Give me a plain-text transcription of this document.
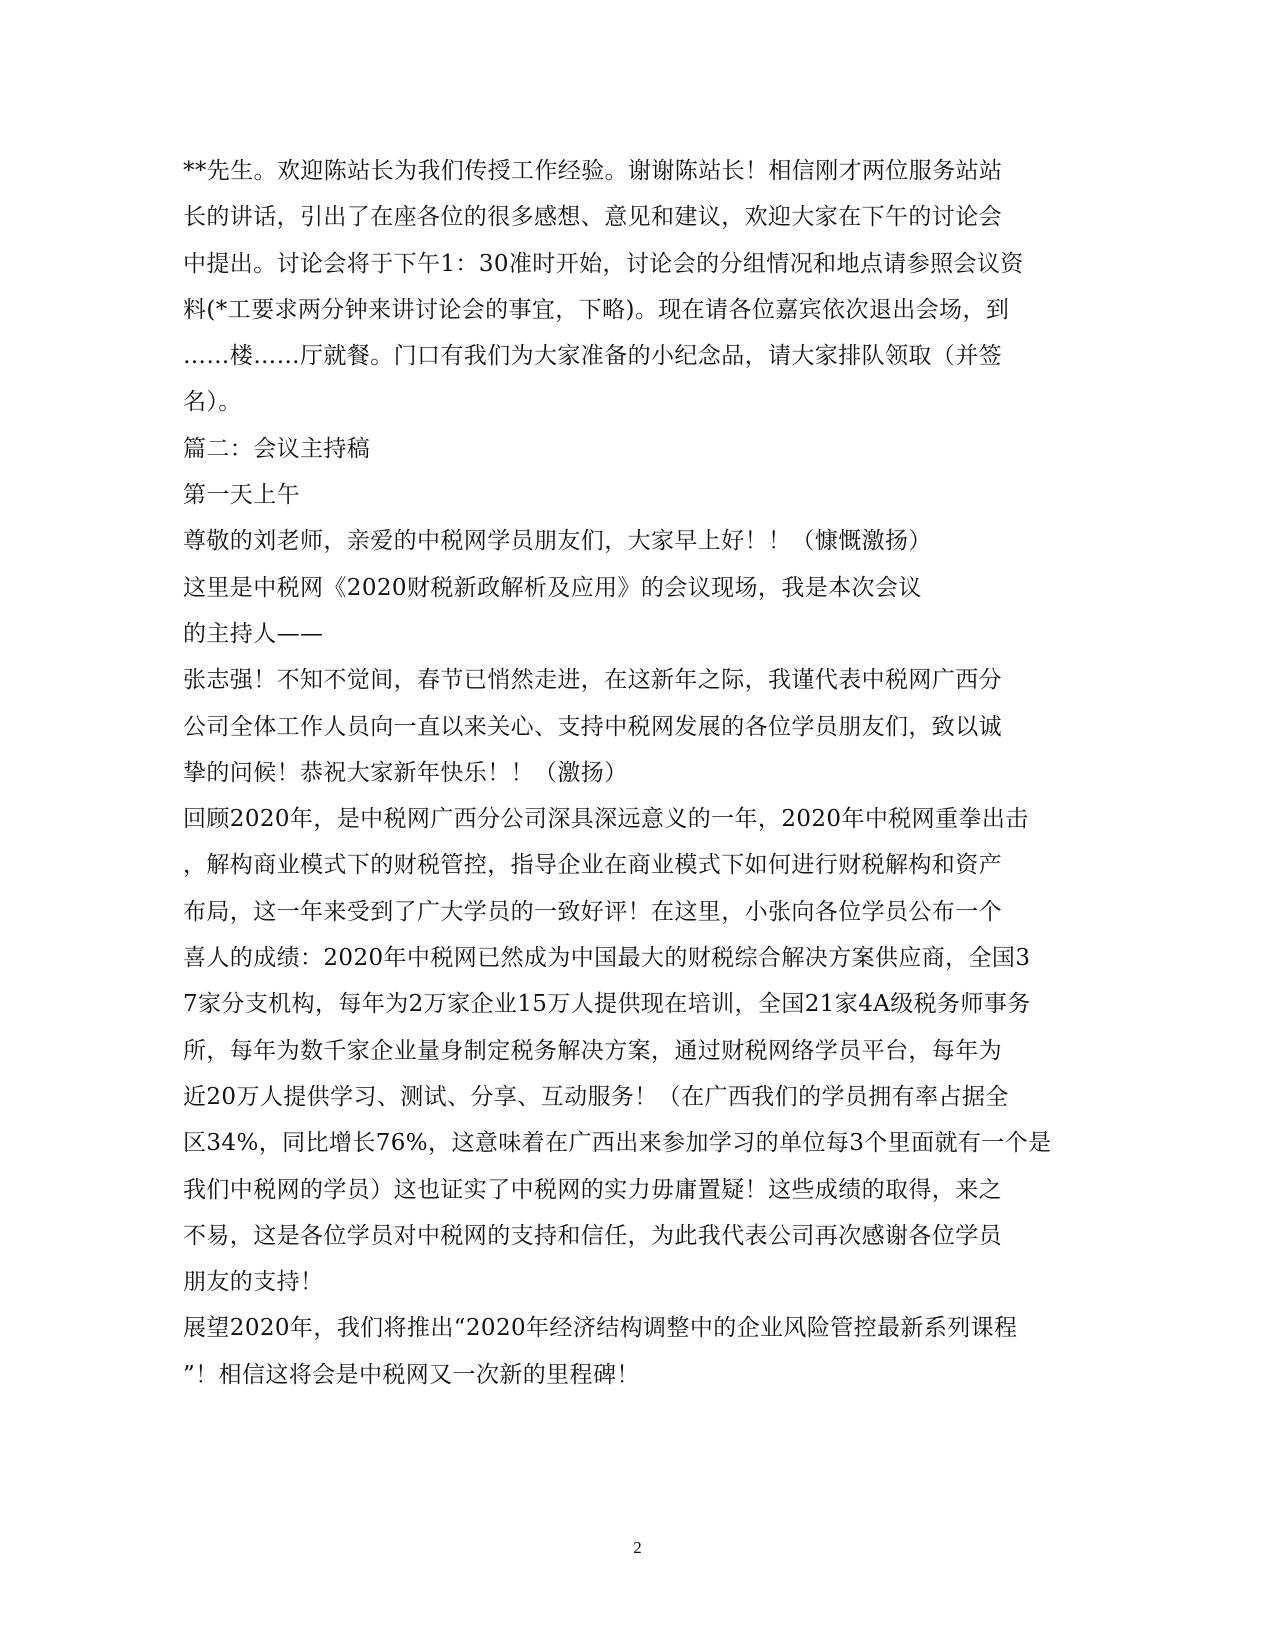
**先生。欢迎陈站长为我们传授工作经验。谢谢陈站长！相信刚才两位服务站站
长的讲话，引出了在座各位的很多感想、意见和建议，欢迎大家在下午的讨论会
中提出。讨论会将于下午1：30准时开始，讨论会的分组情况和地点请参照会议资
料(*工要求两分钟来讲讨论会的事宜，下略)。现在请各位嘉宾依次退出会场，到
……楼……厅就餐。门口有我们为大家准备的小纪念品，请大家排队领取（并签
名）。
篇二：会议主持稿
第一天上午
尊敬的刘老师，亲爱的中税网学员朋友们，大家早上好！！（慷慨激扬）
这里是中税网《2020财税新政解析及应用》的会议现场，我是本次会议
的主持人——
张志强！不知不觉间，春节已悄然走进，在这新年之际，我谨代表中税网广西分
公司全体工作人员向一直以来关心、支持中税网发展的各位学员朋友们，致以诚
挚的问候！恭祝大家新年快乐！！（激扬）
回顾2020年，是中税网广西分公司深具深远意义的一年，2020年中税网重拳出击
，解构商业模式下的财税管控，指导企业在商业模式下如何进行财税解构和资产
布局，这一年来受到了广大学员的一致好评！在这里，小张向各位学员公布一个
喜人的成绩：2020年中税网已然成为中国最大的财税综合解决方案供应商，全国3
7家分支机构，每年为2万家企业15万人提供现在培训，全国21家4A级税务师事务
所，每年为数千家企业量身制定税务解决方案，通过财税网络学员平台，每年为
近20万人提供学习、测试、分享、互动服务！（在广西我们的学员拥有率占据全
区34%，同比增长76%，这意味着在广西出来参加学习的单位每3个里面就有一个是
我们中税网的学员）这也证实了中税网的实力毋庸置疑！这些成绩的取得，来之
不易，这是各位学员对中税网的支持和信任，为此我代表公司再次感谢各位学员
朋友的支持！
展望2020年，我们将推出“2020年经济结构调整中的企业风险管控最新系列课程
”！相信这将会是中税网又一次新的里程碑！
2
